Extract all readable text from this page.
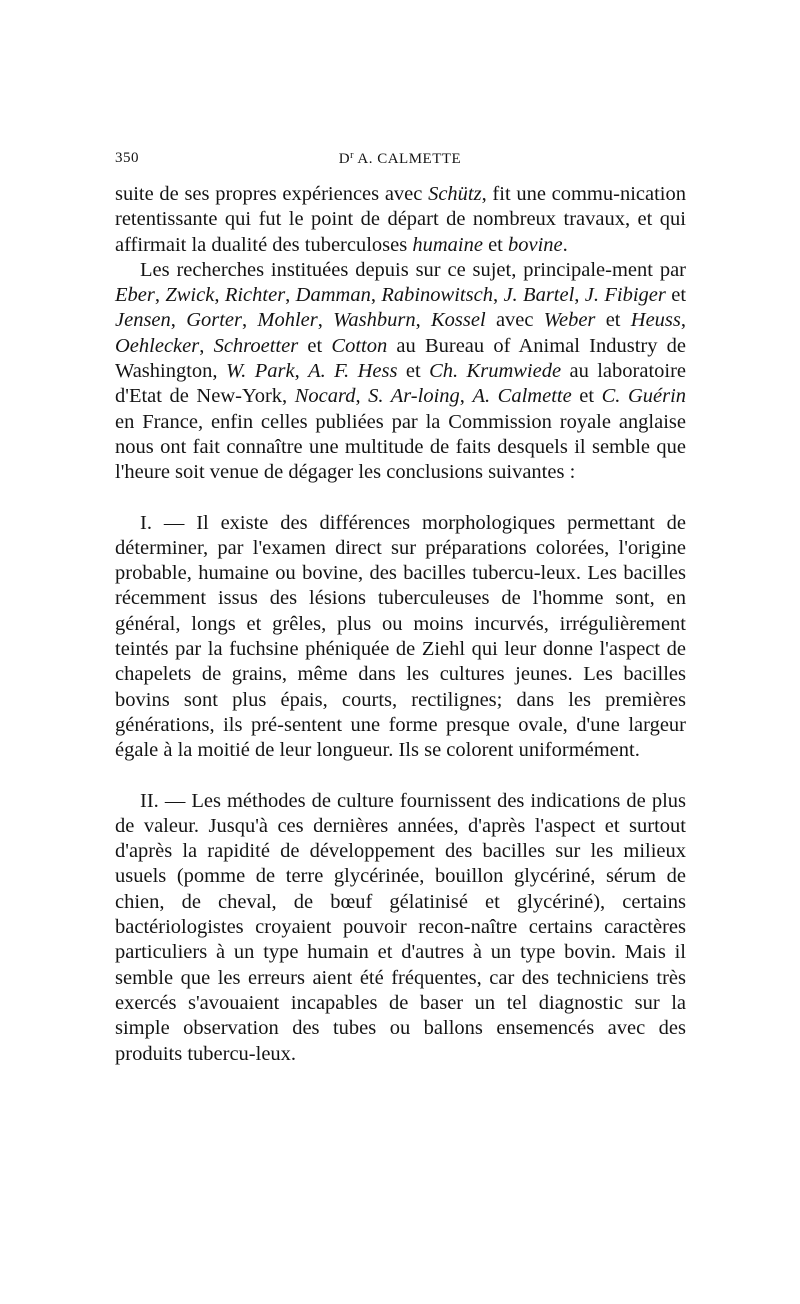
350	$D^r$ A. CALMETTE

suite de ses propres expériences avec Schütz, fit une commu-nication retentissante qui fut le point de départ de nombreux travaux, et qui affirmait la dualité des tuberculoses humaine et bovine.

Les recherches instituées depuis sur ce sujet, principale-ment par Eber, Zwick, Richter, Damman, Rabinowitsch, J. Bartel, J. Fibiger et Jensen, Gorter, Mohler, Washburn, Kossel avec Weber et Heuss, Oehlecker, Schroetter et Cotton au Bureau of Animal Industry de Washington, W. Park, A. F. Hess et Ch. Krumwiede au laboratoire d'Etat de New-York, Nocard, S. Ar-loing, A. Calmette et C. Guérin en France, enfin celles publiées par la Commission royale anglaise nous ont fait connaître une multitude de faits desquels il semble que l'heure soit venue de dégager les conclusions suivantes :

I. — Il existe des différences morphologiques permettant de déterminer, par l'examen direct sur préparations colorées, l'origine probable, humaine ou bovine, des bacilles tubercu-leux. Les bacilles récemment issus des lésions tuberculeuses de l'homme sont, en général, longs et grêles, plus ou moins incurvés, irrégulièrement teintés par la fuchsine phéniquée de Ziehl qui leur donne l'aspect de chapelets de grains, même dans les cultures jeunes. Les bacilles bovins sont plus épais, courts, rectilignes; dans les premières générations, ils pré-sentent une forme presque ovale, d'une largeur égale à la moitié de leur longueur. Ils se colorent uniformément.

II. — Les méthodes de culture fournissent des indications de plus de valeur. Jusqu'à ces dernières années, d'après l'aspect et surtout d'après la rapidité de développement des bacilles sur les milieux usuels (pomme de terre glycérinée, bouillon glycériné, sérum de chien, de cheval, de bœuf gélatinisé et glycériné), certains bactériologistes croyaient pouvoir recon-naître certains caractères particuliers à un type humain et d'autres à un type bovin. Mais il semble que les erreurs aient été fréquentes, car des techniciens très exercés s'avouaient incapables de baser un tel diagnostic sur la simple observation des tubes ou ballons ensemencés avec des produits tubercu-leux.
